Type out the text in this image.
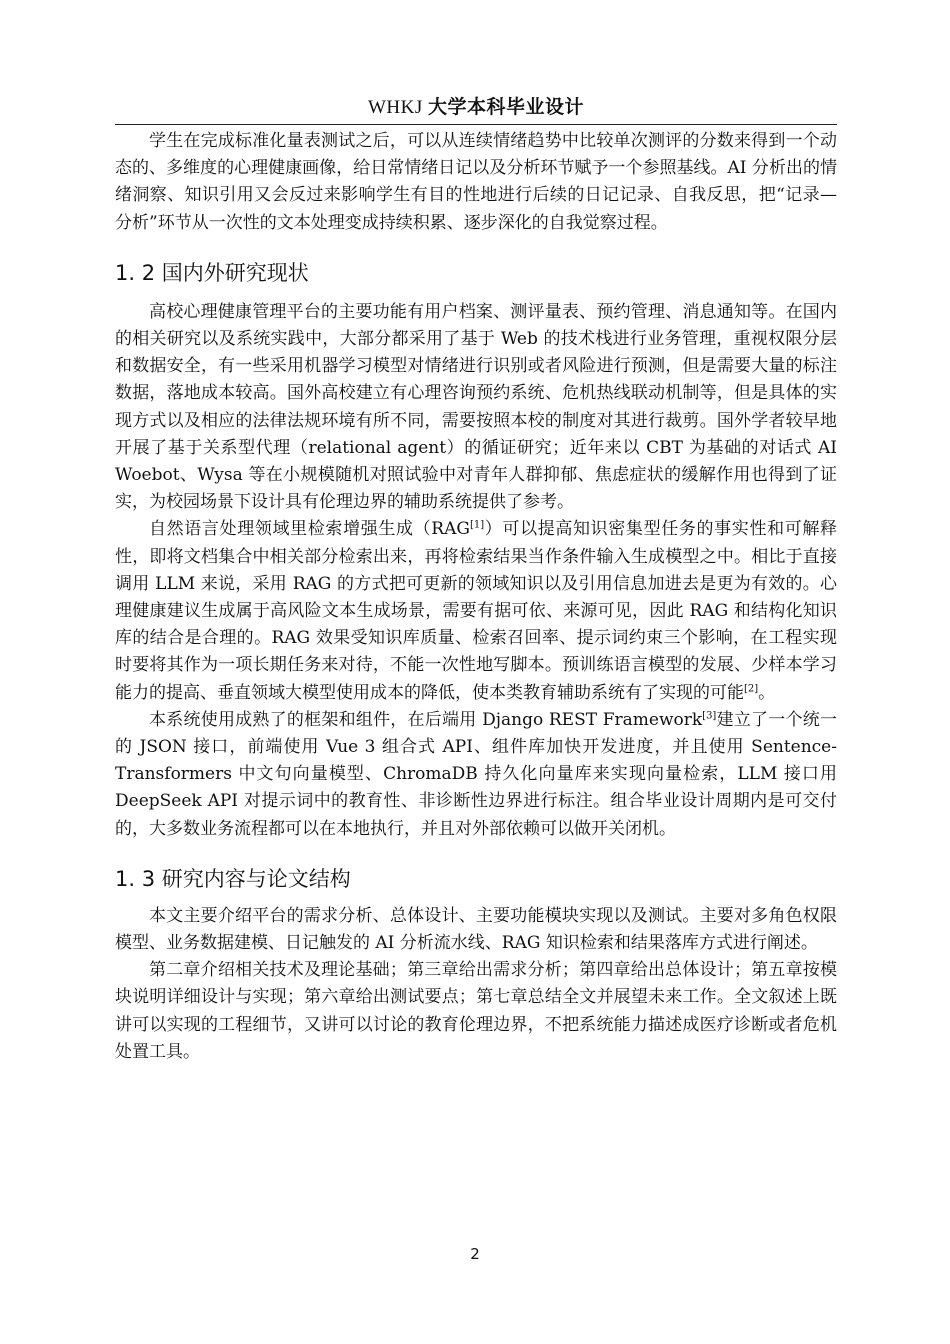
WHKJ 大学本科毕业设计

学生在完成标准化量表测试之后，可以从连续情绪趋势中比较单次测评的分数来得到一个动态的、多维度的心理健康画像，给日常情绪日记以及分析环节赋予一个参照基线。AI 分析出的情绪洞察、知识引用又会反过来影响学生有目的性地进行后续的日记记录、自我反思，把“记录—分析”环节从一次性的文本处理变成持续积累、逐步深化的自我觉察过程。

1. 2 国内外研究现状

高校心理健康管理平台的主要功能有用户档案、测评量表、预约管理、消息通知等。在国内的相关研究以及系统实践中，大部分都采用了基于 Web 的技术栈进行业务管理，重视权限分层和数据安全，有一些采用机器学习模型对情绪进行识别或者风险进行预测，但是需要大量的标注数据，落地成本较高。国外高校建立有心理咨询预约系统、危机热线联动机制等，但是具体的实现方式以及相应的法律法规环境有所不同，需要按照本校的制度对其进行裁剪。国外学者较早地开展了基于关系型代理（relational agent）的循证研究；近年来以 CBT 为基础的对话式 AI Woebot、Wysa 等在小规模随机对照试验中对青年人群抑郁、焦虑症状的缓解作用也得到了证实，为校园场景下设计具有伦理边界的辅助系统提供了参考。

自然语言处理领域里检索增强生成（RAG[1]）可以提高知识密集型任务的事实性和可解释性，即将文档集合中相关部分检索出来，再将检索结果当作条件输入生成模型之中。相比于直接调用 LLM 来说，采用 RAG 的方式把可更新的领域知识以及引用信息加进去是更为有效的。心理健康建议生成属于高风险文本生成场景，需要有据可依、来源可见，因此 RAG 和结构化知识库的结合是合理的。RAG 效果受知识库质量、检索召回率、提示词约束三个影响，在工程实现时要将其作为一项长期任务来对待，不能一次性地写脚本。预训练语言模型的发展、少样本学习能力的提高、垂直领域大模型使用成本的降低，使本类教育辅助系统有了实现的可能[2]。

本系统使用成熟了的框架和组件，在后端用 Django REST Framework[3]建立了一个统一的 JSON 接口，前端使用 Vue 3 组合式 API、组件库加快开发进度，并且使用 Sentence-Transformers 中文句向量模型、ChromaDB 持久化向量库来实现向量检索，LLM 接口用 DeepSeek API 对提示词中的教育性、非诊断性边界进行标注。组合毕业设计周期内是可交付的，大多数业务流程都可以在本地执行，并且对外部依赖可以做开关闭机。

1. 3 研究内容与论文结构

本文主要介绍平台的需求分析、总体设计、主要功能模块实现以及测试。主要对多角色权限模型、业务数据建模、日记触发的 AI 分析流水线、RAG 知识检索和结果落库方式进行阐述。

第二章介绍相关技术及理论基础；第三章给出需求分析；第四章给出总体设计；第五章按模块说明详细设计与实现；第六章给出测试要点；第七章总结全文并展望未来工作。全文叙述上既讲可以实现的工程细节，又讲可以讨论的教育伦理边界，不把系统能力描述成医疗诊断或者危机处置工具。

2
